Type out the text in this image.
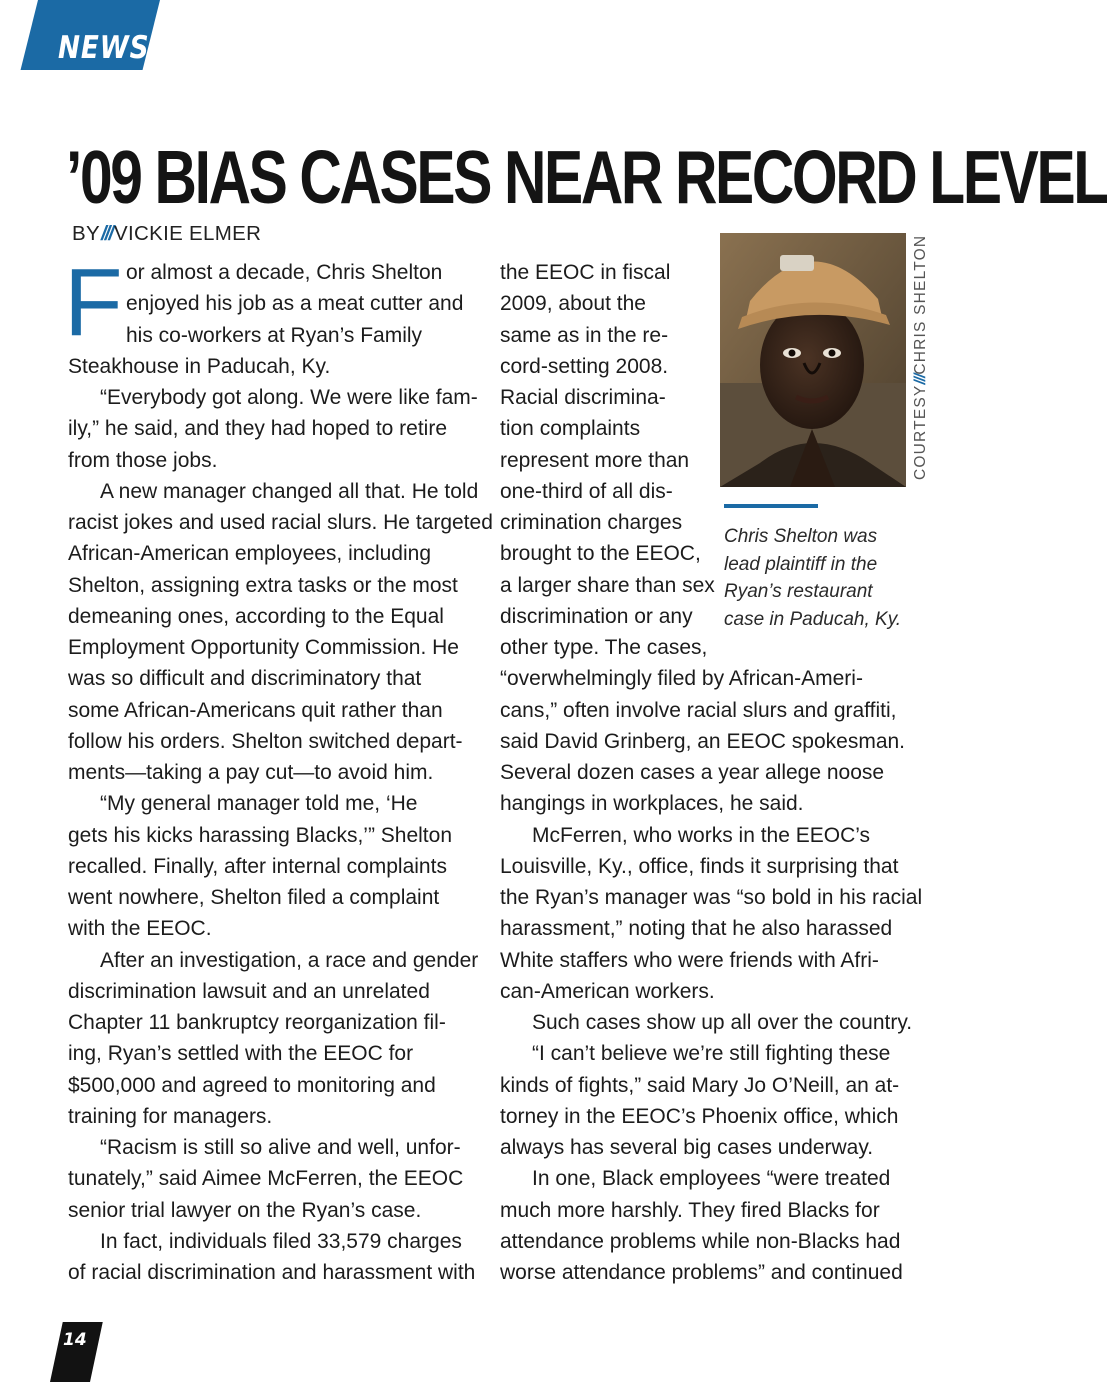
NEWS
’09 BIAS CASES NEAR RECORD LEVEL
BY///VICKIE ELMER
F or almost a decade, Chris Shelton
enjoyed his job as a meat cutter and
his co-workers at Ryan’s Family
Steakhouse in Paducah, Ky.
“Everybody got along. We were like fam-
ily,” he said, and they had hoped to retire
from those jobs.
A new manager changed all that. He told
racist jokes and used racial slurs. He targeted
African-American employees, including
Shelton, assigning extra tasks or the most
demeaning ones, according to the Equal
Employment Opportunity Commission. He
was so difficult and discriminatory that
some African-Americans quit rather than
follow his orders. Shelton switched depart-
ments—taking a pay cut—to avoid him.
“My general manager told me, ‘He
gets his kicks harassing Blacks,’” Shelton
recalled. Finally, after internal complaints
went nowhere, Shelton filed a complaint
with the EEOC.
After an investigation, a race and gender
discrimination lawsuit and an unrelated
Chapter 11 bankruptcy reorganization fil-
ing, Ryan’s settled with the EEOC for
$500,000 and agreed to monitoring and
training for managers.
“Racism is still so alive and well, unfor-
tunately,” said Aimee McFerren, the EEOC
senior trial lawyer on the Ryan’s case.
In fact, individuals filed 33,579 charges
of racial discrimination and harassment with
the EEOC in fiscal
2009, about the
same as in the re-
cord-setting 2008.
Racial discrimina-
tion complaints
represent more than
one-third of all dis-
crimination charges
brought to the EEOC,
a larger share than sex
discrimination or any
other type. The cases,
“overwhelmingly filed by African-Ameri-
cans,” often involve racial slurs and graffiti,
said David Grinberg, an EEOC spokesman.
Several dozen cases a year allege noose
hangings in workplaces, he said.
McFerren, who works in the EEOC’s
Louisville, Ky., office, finds it surprising that
the Ryan’s manager was “so bold in his racial
harassment,” noting that he also harassed
White staffers who were friends with Afri-
can-American workers.
Such cases show up all over the country.
“I can’t believe we’re still fighting these
kinds of fights,” said Mary Jo O’Neill, an at-
torney in the EEOC’s Phoenix office, which
always has several big cases underway.
In one, Black employees “were treated
much more harshly. They fired Blacks for
attendance problems while non-Blacks had
worse attendance problems” and continued
COURTESY///CHRIS SHELTON
Chris Shelton was
lead plaintiff in the
Ryan’s restaurant
case in Paducah, Ky.
14
